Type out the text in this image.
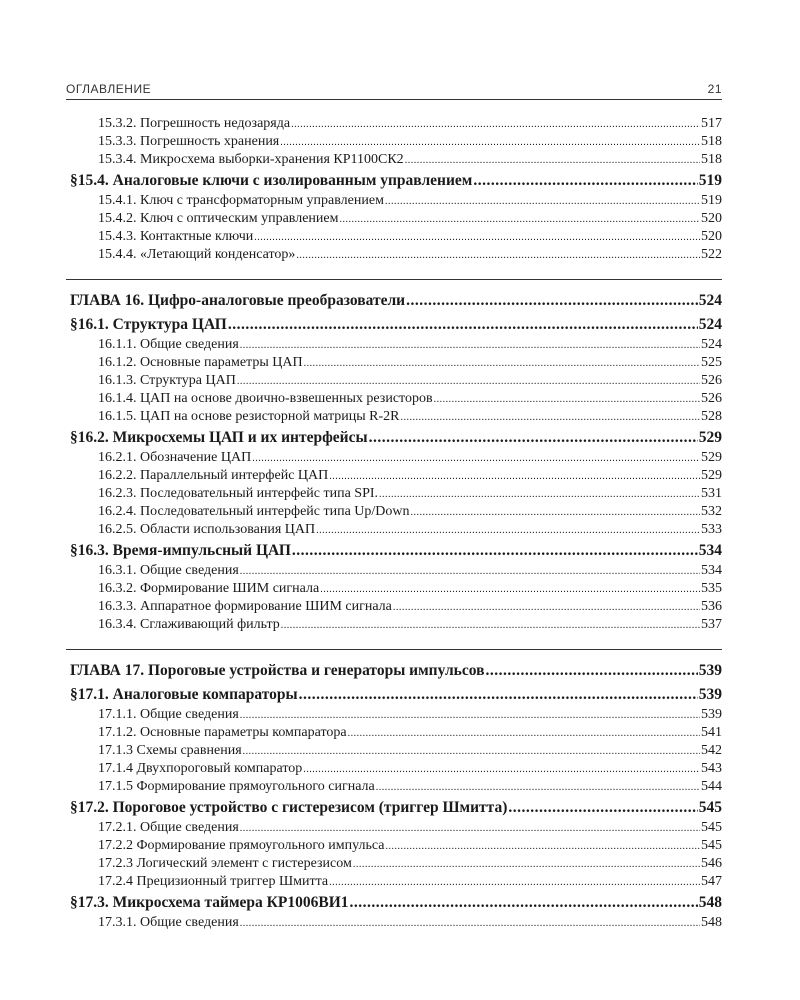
ОГЛАВЛЕНИЕ	21
15.3.2. Погрешность недозаряда .....	517
15.3.3. Погрешность хранения .....	518
15.3.4. Микросхема выборки-хранения КР1100СК2 .....	518
§15.4. Аналоговые ключи с изолированным управлением .....	519
15.4.1. Ключ с трансформаторным управлением .....	519
15.4.2. Ключ с оптическим управлением .....	520
15.4.3. Контактные ключи .....	520
15.4.4. «Летающий конденсатор» .....	522
ГЛАВА 16. Цифро-аналоговые преобразователи .....	524
§16.1. Структура ЦАП .....	524
16.1.1. Общие сведения .....	524
16.1.2. Основные параметры ЦАП .....	525
16.1.3. Структура ЦАП .....	526
16.1.4. ЦАП на основе двоично-взвешенных резисторов .....	526
16.1.5. ЦАП на основе резисторной матрицы R-2R .....	528
§16.2. Микросхемы ЦАП и их интерфейсы .....	529
16.2.1. Обозначение ЦАП .....	529
16.2.2. Параллельный интерфейс ЦАП .....	529
16.2.3. Последовательный интерфейс типа SPI. .....	531
16.2.4. Последовательный интерфейс типа Up/Down .....	532
16.2.5. Области использования ЦАП .....	533
§16.3. Время-импульсный ЦАП .....	534
16.3.1. Общие сведения .....	534
16.3.2. Формирование ШИМ сигнала .....	535
16.3.3. Аппаратное формирование ШИМ сигнала .....	536
16.3.4. Сглаживающий фильтр .....	537
ГЛАВА 17. Пороговые устройства и генераторы импульсов .....	539
§17.1. Аналоговые компараторы .....	539
17.1.1. Общие сведения .....	539
17.1.2. Основные параметры компаратора .....	541
17.1.3 Схемы сравнения .....	542
17.1.4 Двухпороговый компаратор .....	543
17.1.5 Формирование прямоугольного сигнала .....	544
§17.2. Пороговое устройство с гистерезисом (триггер Шмитта) .....	545
17.2.1. Общие сведения .....	545
17.2.2 Формирование прямоугольного импульса .....	545
17.2.3 Логический элемент с гистерезисом .....	546
17.2.4 Прецизионный триггер Шмитта .....	547
§17.3. Микросхема таймера КР1006ВИ1 .....	548
17.3.1. Общие сведения .....	548
